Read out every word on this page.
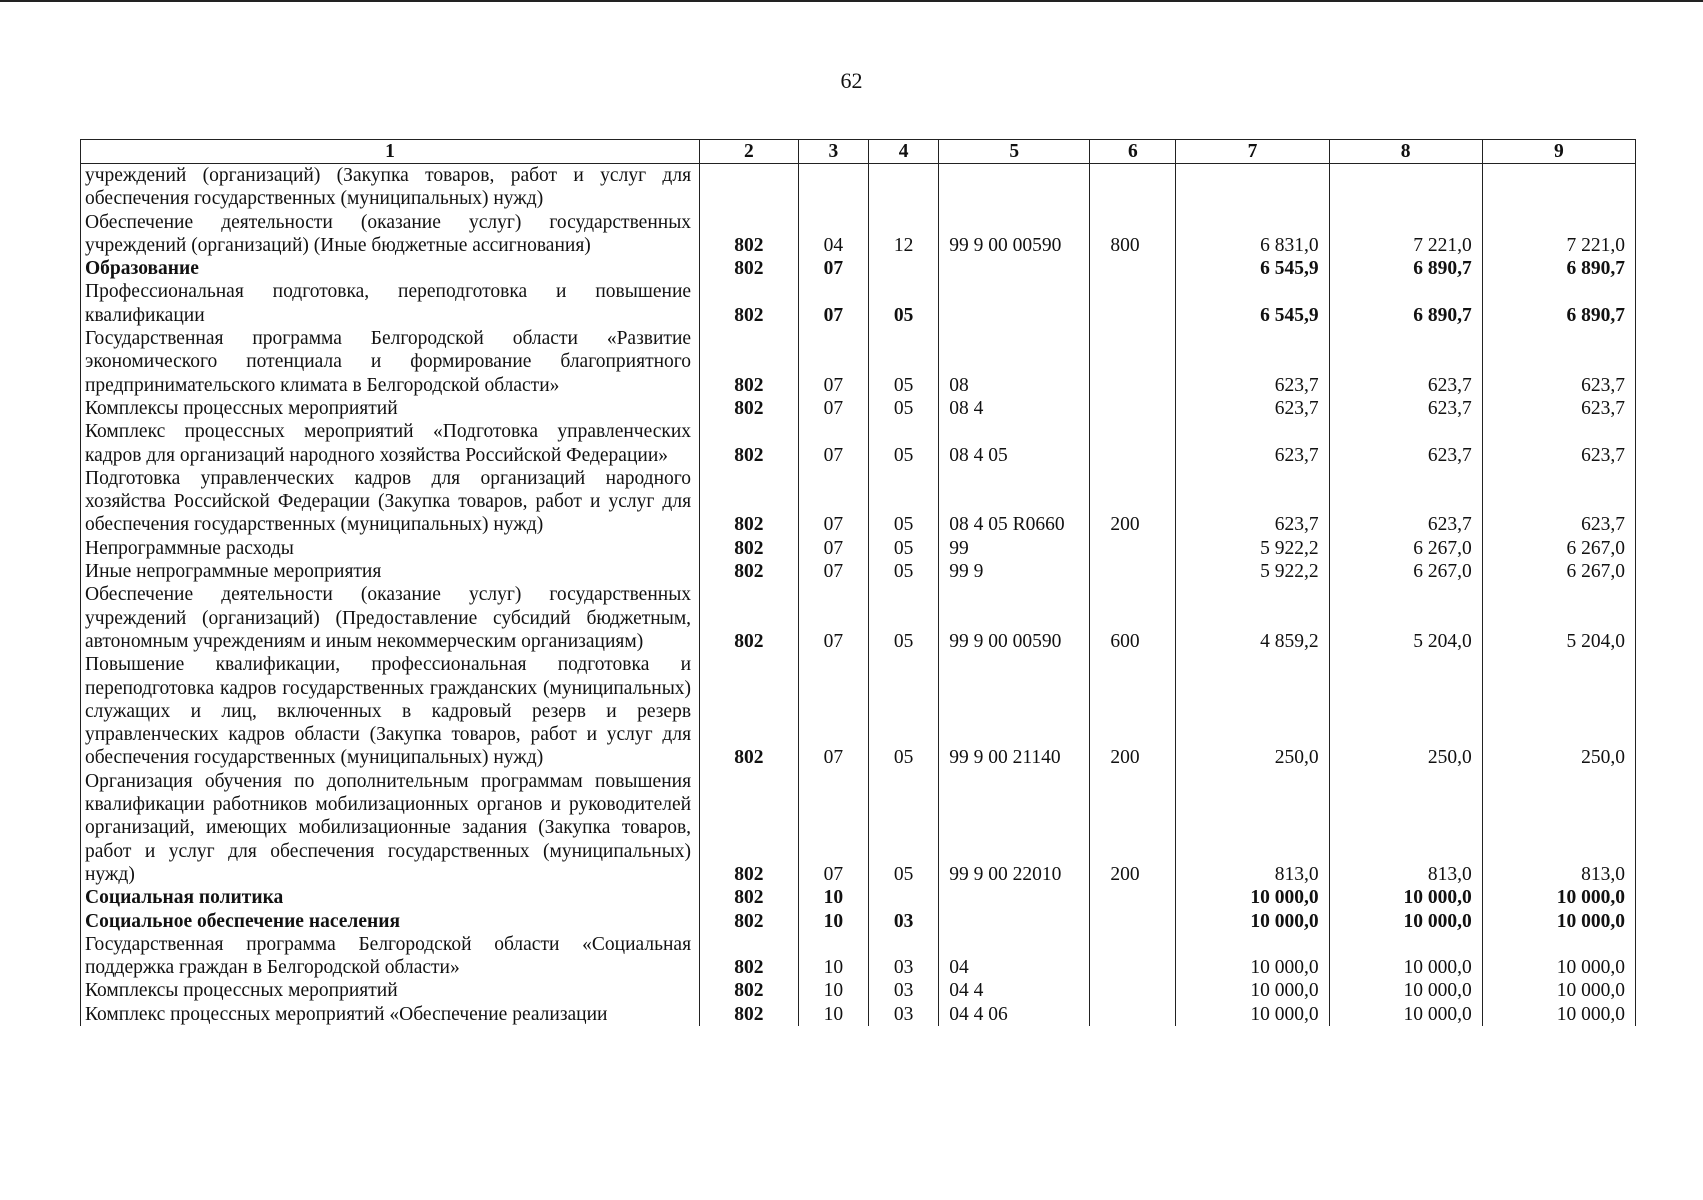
62
1	2	3	4	5	6	7	8	9
учреждений (организаций) (Закупка товаров, работ и услуг для обеспечения государственных (муниципальных) нужд)								
Обеспечение деятельности (оказание услуг) государственных учреждений (организаций) (Иные бюджетные ассигнования)	802	04	12	99 9 00 00590	800	6 831,0	7 221,0	7 221,0
Образование	802	07				6 545,9	6 890,7	6 890,7
Профессиональная подготовка, переподготовка и повышение квалификации	802	07	05			6 545,9	6 890,7	6 890,7
Государственная программа Белгородской области «Развитие экономического потенциала и формирование благоприятного предпринимательского климата в Белгородской области»	802	07	05	08		623,7	623,7	623,7
Комплексы процессных мероприятий	802	07	05	08 4		623,7	623,7	623,7
Комплекс процессных мероприятий «Подготовка управленческих кадров для организаций народного хозяйства Российской Федерации»	802	07	05	08 4 05		623,7	623,7	623,7
Подготовка управленческих кадров для организаций народного хозяйства Российской Федерации (Закупка товаров, работ и услуг для обеспечения государственных (муниципальных) нужд)	802	07	05	08 4 05 R0660	200	623,7	623,7	623,7
Непрограммные расходы	802	07	05	99		5 922,2	6 267,0	6 267,0
Иные непрограммные мероприятия	802	07	05	99 9		5 922,2	6 267,0	6 267,0
Обеспечение деятельности (оказание услуг) государственных учреждений (организаций) (Предоставление субсидий бюджетным, автономным учреждениям и иным некоммерческим организациям)	802	07	05	99 9 00 00590	600	4 859,2	5 204,0	5 204,0
Повышение квалификации, профессиональная подготовка и переподготовка кадров государственных гражданских (муниципальных) служащих и лиц, включенных в кадровый резерв и резерв управленческих кадров области (Закупка товаров, работ и услуг для обеспечения государственных (муниципальных) нужд)	802	07	05	99 9 00 21140	200	250,0	250,0	250,0
Организация обучения по дополнительным программам повышения квалификации работников мобилизационных органов и руководителей организаций, имеющих мобилизационные задания (Закупка товаров, работ и услуг для обеспечения государственных (муниципальных) нужд)	802	07	05	99 9 00 22010	200	813,0	813,0	813,0
Социальная политика	802	10				10 000,0	10 000,0	10 000,0
Социальное обеспечение населения	802	10	03			10 000,0	10 000,0	10 000,0
Государственная программа Белгородской области «Социальная поддержка граждан в Белгородской области»	802	10	03	04		10 000,0	10 000,0	10 000,0
Комплексы процессных мероприятий	802	10	03	04 4		10 000,0	10 000,0	10 000,0
Комплекс процессных мероприятий «Обеспечение реализации	802	10	03	04 4 06		10 000,0	10 000,0	10 000,0
